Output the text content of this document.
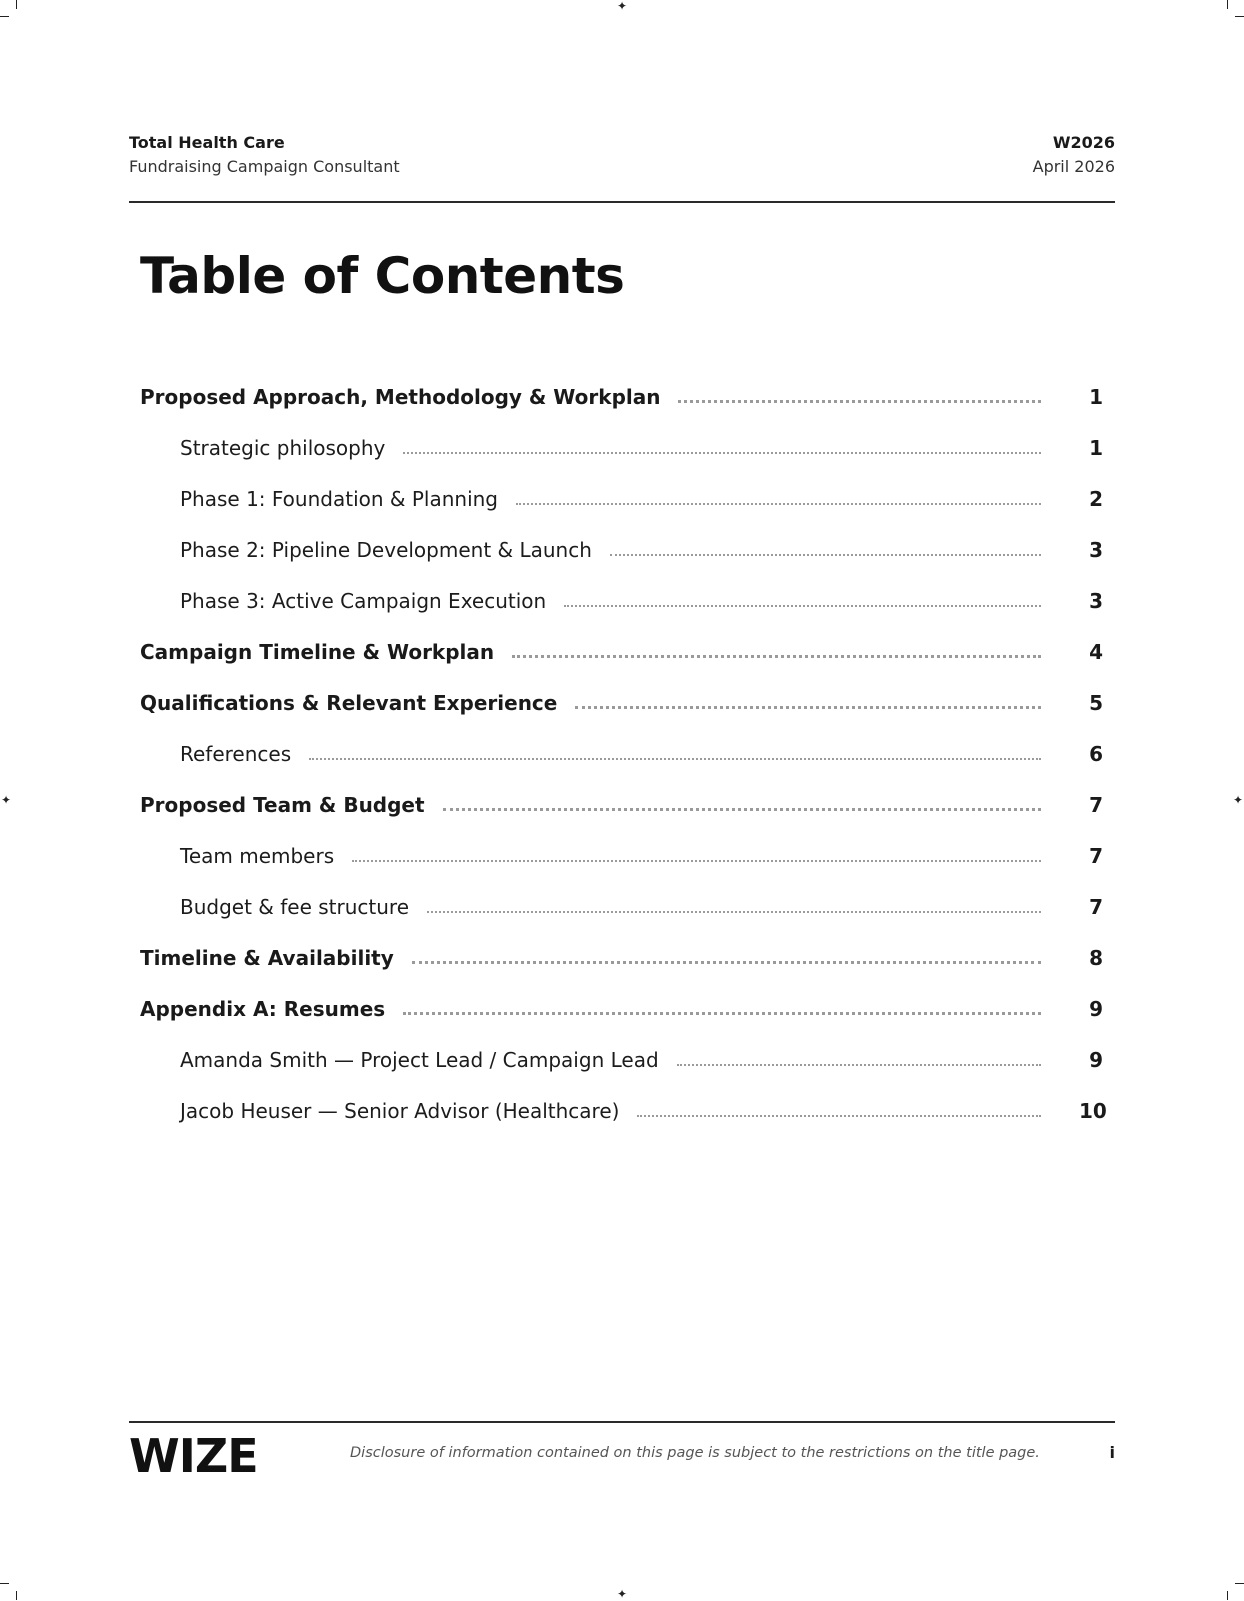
✦
✦
✦	✦
Total Health Care
Fundraising Campaign Consultant
W2026
April 2026
Table of Contents
Proposed Approach, Methodology & Workplan	1
Strategic philosophy	1
Phase 1: Foundation & Planning	2
Phase 2: Pipeline Development & Launch	3
Phase 3: Active Campaign Execution	3
Campaign Timeline & Workplan	4
Qualifications & Relevant Experience	5
References	6
Proposed Team & Budget	7
Team members	7
Budget & fee structure	7
Timeline & Availability	8
Appendix A: Resumes	9
Amanda Smith — Project Lead / Campaign Lead	9
Jacob Heuser — Senior Advisor (Healthcare)	10
WIZE	Disclosure of information contained on this page is subject to the restrictions on the title page.	i
